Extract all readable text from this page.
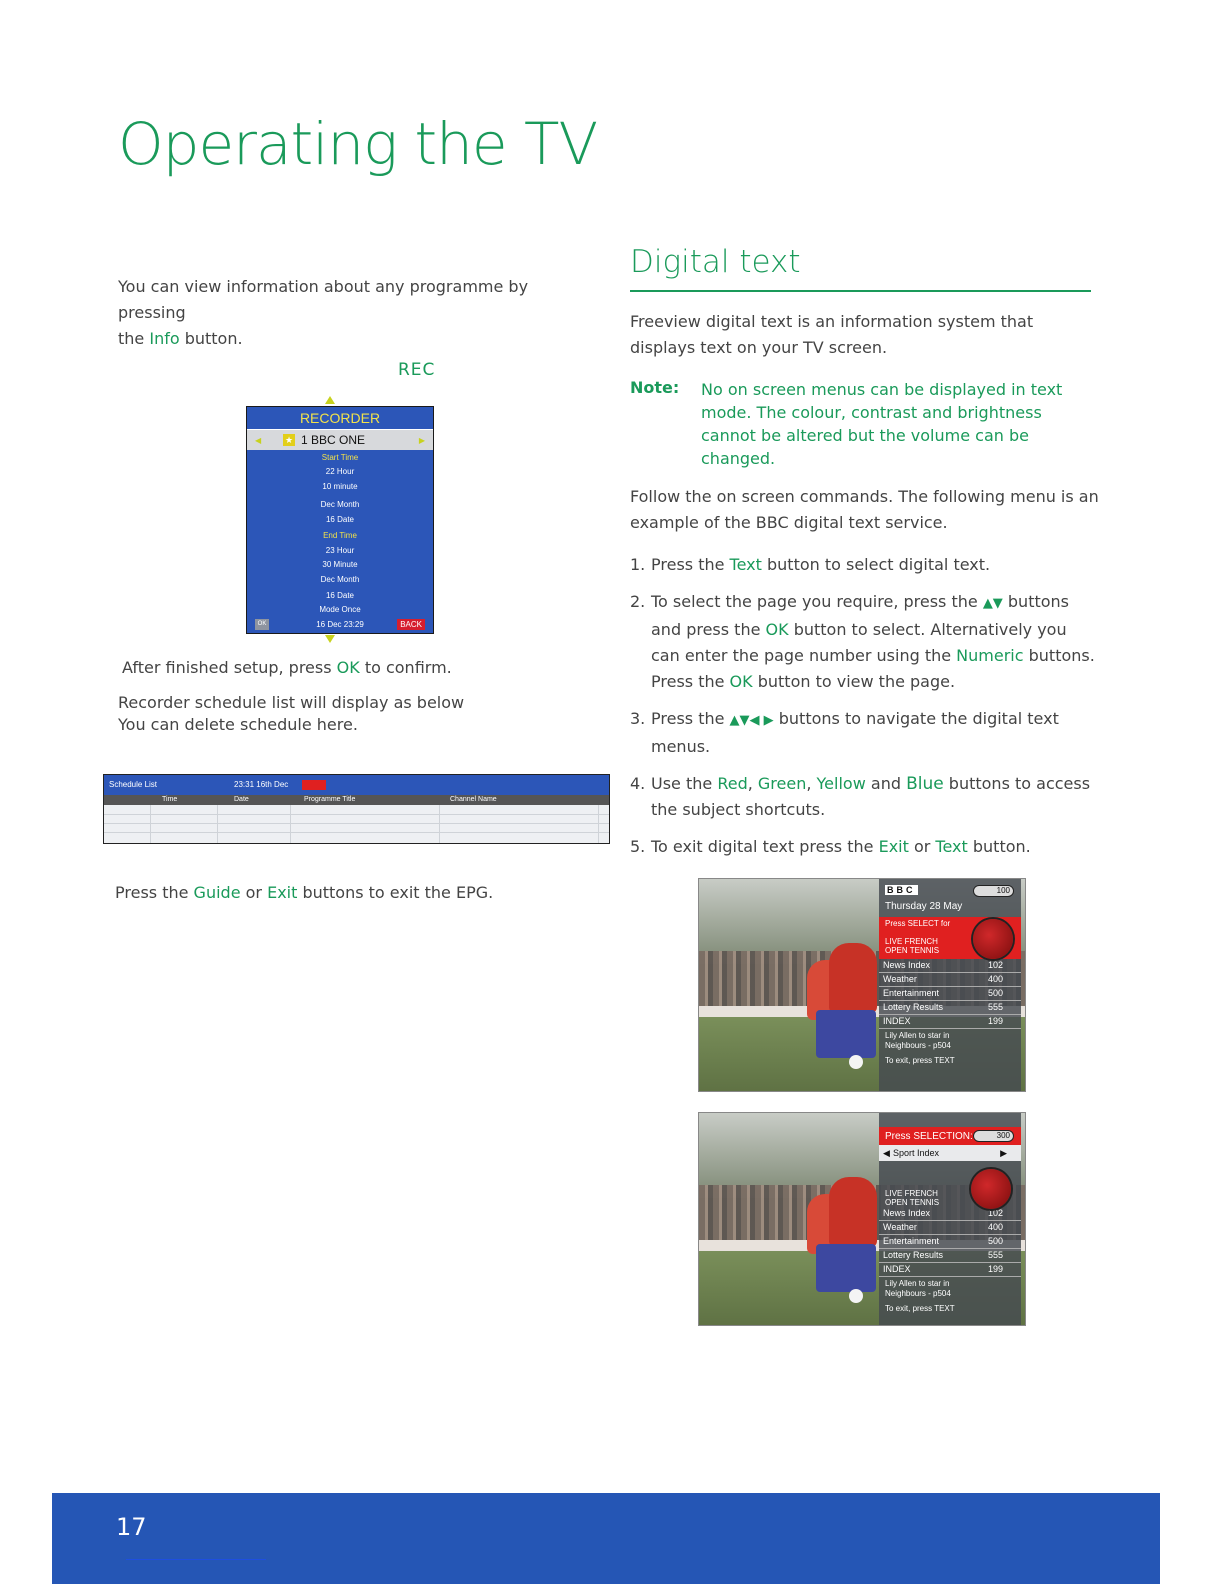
Operating the TV
You can view information about any programme by pressing
the Info button.
REC
RECORDER
◀	★ 1 BBC ONE	▶
Start Time
22 Hour
10 minute
Dec Month
16 Date
End Time
23 Hour
30 Minute
Dec Month
16 Date
Mode Once
OK	16 Dec 23:29	BACK
After finished setup, press OK to confirm.
Recorder schedule list will display as below
You can delete schedule here.
Schedule List	23:31 16th Dec
Time	Date	Programme Title	Channel Name
Press the Guide or Exit buttons to exit the EPG.
Digital text
Freeview digital text is an information system that displays text on your TV screen.
Note: No on screen menus can be displayed in text mode. The colour, contrast and brightness cannot be altered but the volume can be changed.
Follow the on screen commands. The following menu is an example of the BBC digital text service.
1. Press the Text button to select digital text.
2. To select the page you require, press the ▲▼ buttons and press the OK button to select. Alternatively you can enter the page number using the Numeric buttons. Press the OK button to view the page.
3. Press the ▲▼◀ ▶ buttons to navigate the digital text menus.
4. Use the Red, Green, Yellow and Blue buttons to access the subject shortcuts.
5. To exit digital text press the Exit or Text button.
BBC	100
Thursday 28 May
Press SELECT for
LIVE FRENCH
OPEN TENNIS
News Index	102
Weather	400
Entertainment	500
Lottery Results	555
INDEX	199
Lily Allen to star in
Neighbours - p504
To exit, press TEXT
Press SELECTION:	300
◀ Sport Index	▶
LIVE FRENCH
OPEN TENNIS
News Index	102
Weather	400
Entertainment	500
Lottery Results	555
INDEX	199
Lily Allen to star in
Neighbours - p504
To exit, press TEXT
17
